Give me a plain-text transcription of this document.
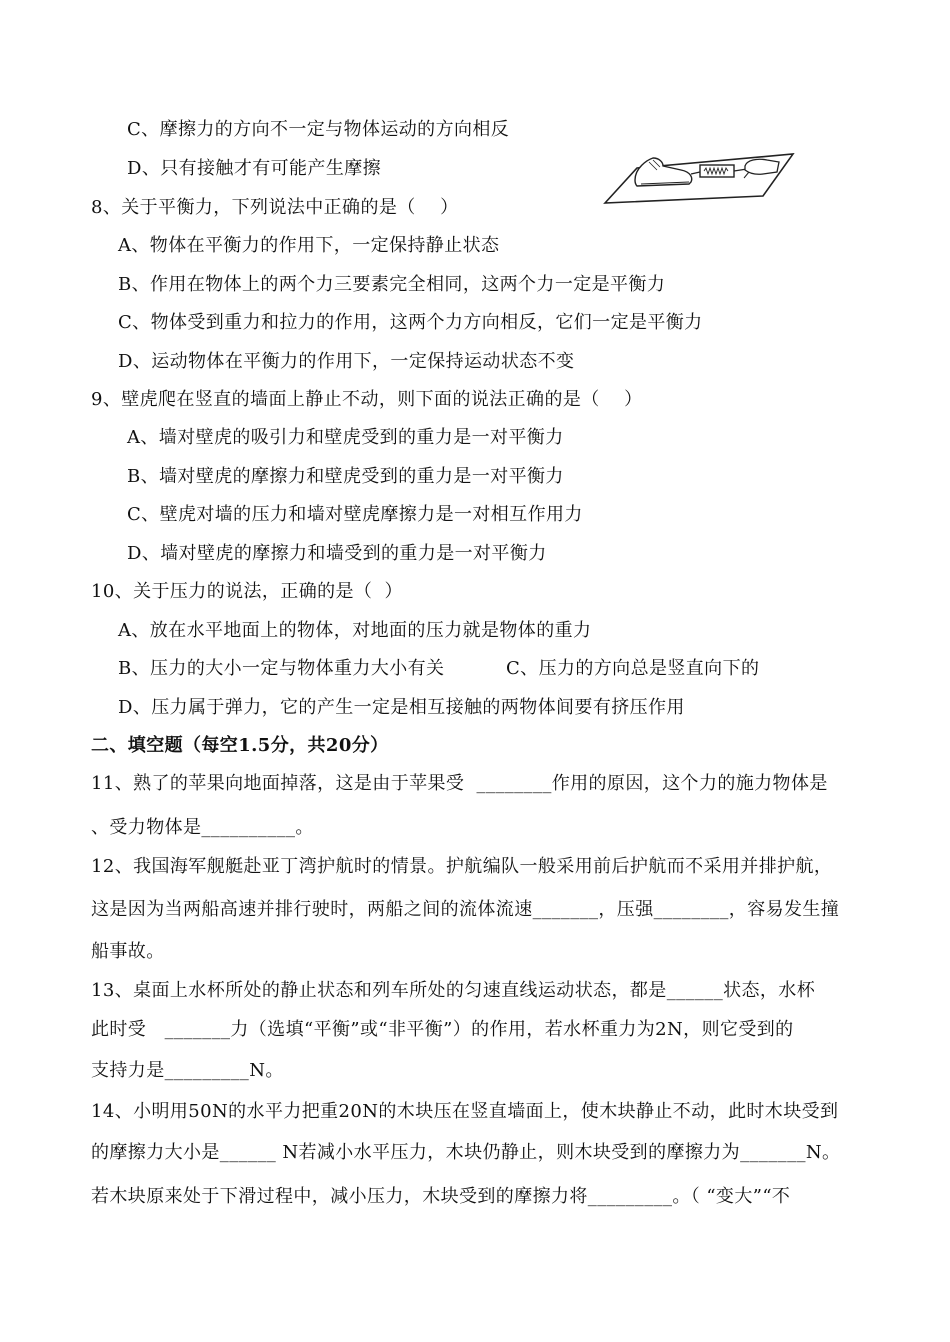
C、摩擦力的方向不一定与物体运动的方向相反
D、只有接触才有可能产生摩擦
8、关于平衡力，下列说法中正确的是（    ）
A、物体在平衡力的作用下，一定保持静止状态
B、作用在物体上的两个力三要素完全相同，这两个力一定是平衡力
C、物体受到重力和拉力的作用，这两个力方向相反，它们一定是平衡力
D、运动物体在平衡力的作用下，一定保持运动状态不变
9、壁虎爬在竖直的墙面上静止不动，则下面的说法正确的是（    ）
A、墙对壁虎的吸引力和壁虎受到的重力是一对平衡力
B、墙对壁虎的摩擦力和壁虎受到的重力是一对平衡力
C、壁虎对墙的压力和墙对壁虎摩擦力是一对相互作用力
D、墙对壁虎的摩擦力和墙受到的重力是一对平衡力
10、关于压力的说法，正确的是（  ）
A、放在水平地面上的物体，对地面的压力就是物体的重力
B、压力的大小一定与物体重力大小有关	C、压力的方向总是竖直向下的
D、压力属于弹力，它的产生一定是相互接触的两物体间要有挤压作用
二、填空题（每空1.5分，共20分）
11、熟了的苹果向地面掉落，这是由于苹果受  ________作用的原因，这个力的施力物体是
、受力物体是__________。
12、我国海军舰艇赴亚丁湾护航时的情景。护航编队一般采用前后护航而不采用并排护航，
这是因为当两船高速并排行驶时，两船之间的流体流速_______，压强________，容易发生撞
船事故。
13、桌面上水杯所处的静止状态和列车所处的匀速直线运动状态，都是______状态，水杯
此时受   _______力（选填“平衡”或“非平衡”）的作用，若水杯重力为2N，则它受到的
支持力是_________N。
14、小明用50N的水平力把重20N的木块压在竖直墙面上，使木块静止不动，此时木块受到
的摩擦力大小是______ N若减小水平压力，木块仍静止，则木块受到的摩擦力为_______N。
若木块原来处于下滑过程中，减小压力，木块受到的摩擦力将_________。（ “变大”“不
